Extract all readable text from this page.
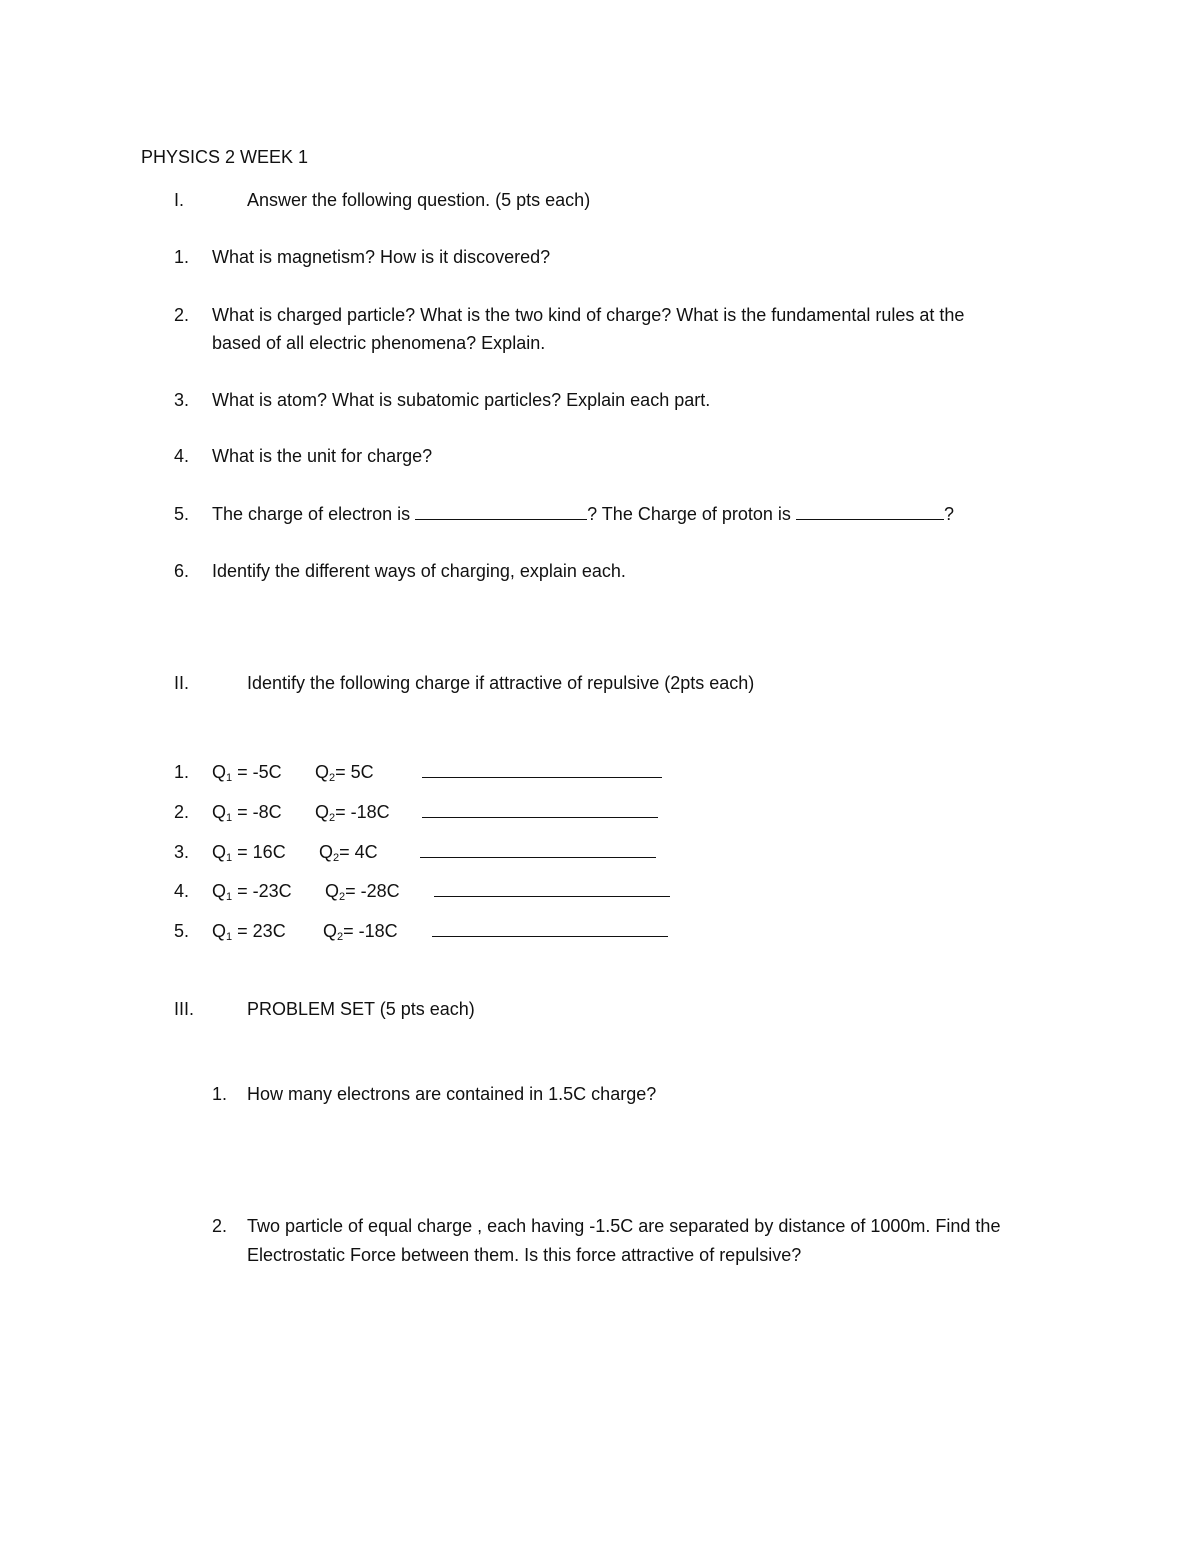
PHYSICS 2 WEEK 1
I.	Answer the following question. (5 pts each)
1. What is magnetism? How is it discovered?
2. What is charged particle? What is the two kind of charge? What is the fundamental rules at the
based of all electric phenomena? Explain.
3. What is atom? What is subatomic particles? Explain each part.
4. What is the unit for charge?
5. The charge of electron is	? The Charge of proton is	?
6. Identify the different ways of charging, explain each.
II.	Identify the following charge if attractive of repulsive (2pts each)
1. $Q_1 = -5C$ $Q_2= 5C$
2. $Q_1 = -8C$ $Q_2= -18C$
3. $Q_1 = 16C$ $Q_2= 4C$
4. $Q_1 = -23C$ $Q_2= -28C$
5. $Q_1 = 23C$ $Q_2= -18C$
III.	PROBLEM SET (5 pts each)
1. How many electrons are contained in 1.5C charge?
2. Two particle of equal charge , each having -1.5C are separated by distance of 1000m. Find the
Electrostatic Force between them. Is this force attractive of repulsive?
